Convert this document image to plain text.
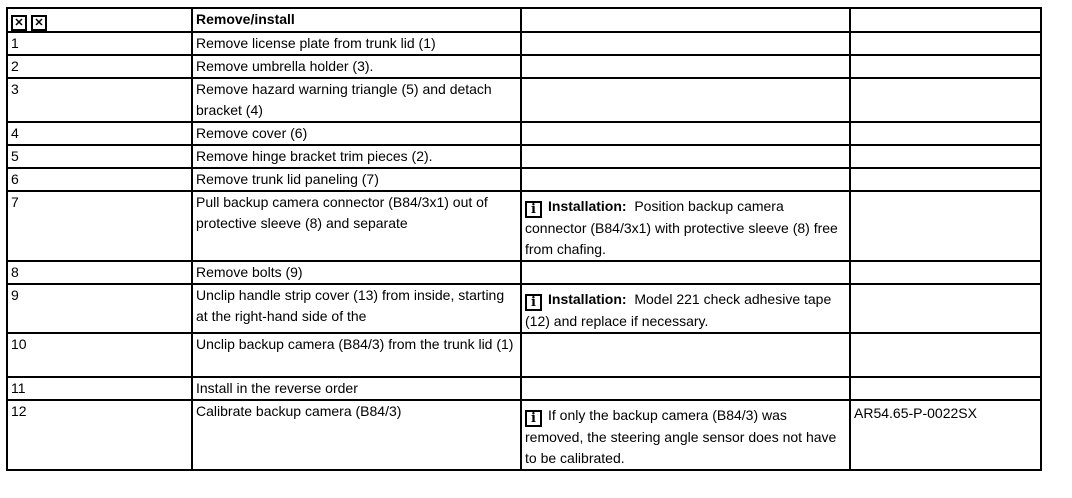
✕✕	Remove/install		
1	Remove license plate from trunk lid (1)		
2	Remove umbrella holder (3).		
3	Remove hazard warning triangle (5) and detach bracket (4)		
4	Remove cover (6)		
5	Remove hinge bracket trim pieces (2).		
6	Remove trunk lid paneling (7)		
7	Pull backup camera connector (B84/3x1) out of protective sleeve (8) and separate	i Installation:  Position backup camera connector (B84/3x1) with protective sleeve (8) free from chafing.	

8	Remove bolts (9)		
9	Unclip handle strip cover (13) from inside, starting at the right-hand side of the	i Installation:  Model 221 check adhesive tape (12) and replace if necessary.	

10	Unclip backup camera (B84/3) from the trunk lid (1)		
11	Install in the reverse order		
12	Calibrate backup camera (B84/3)	i If only the backup camera (B84/3) was removed, the steering angle sensor does not have to be calibrated.	AR54.65-P-0022SX
